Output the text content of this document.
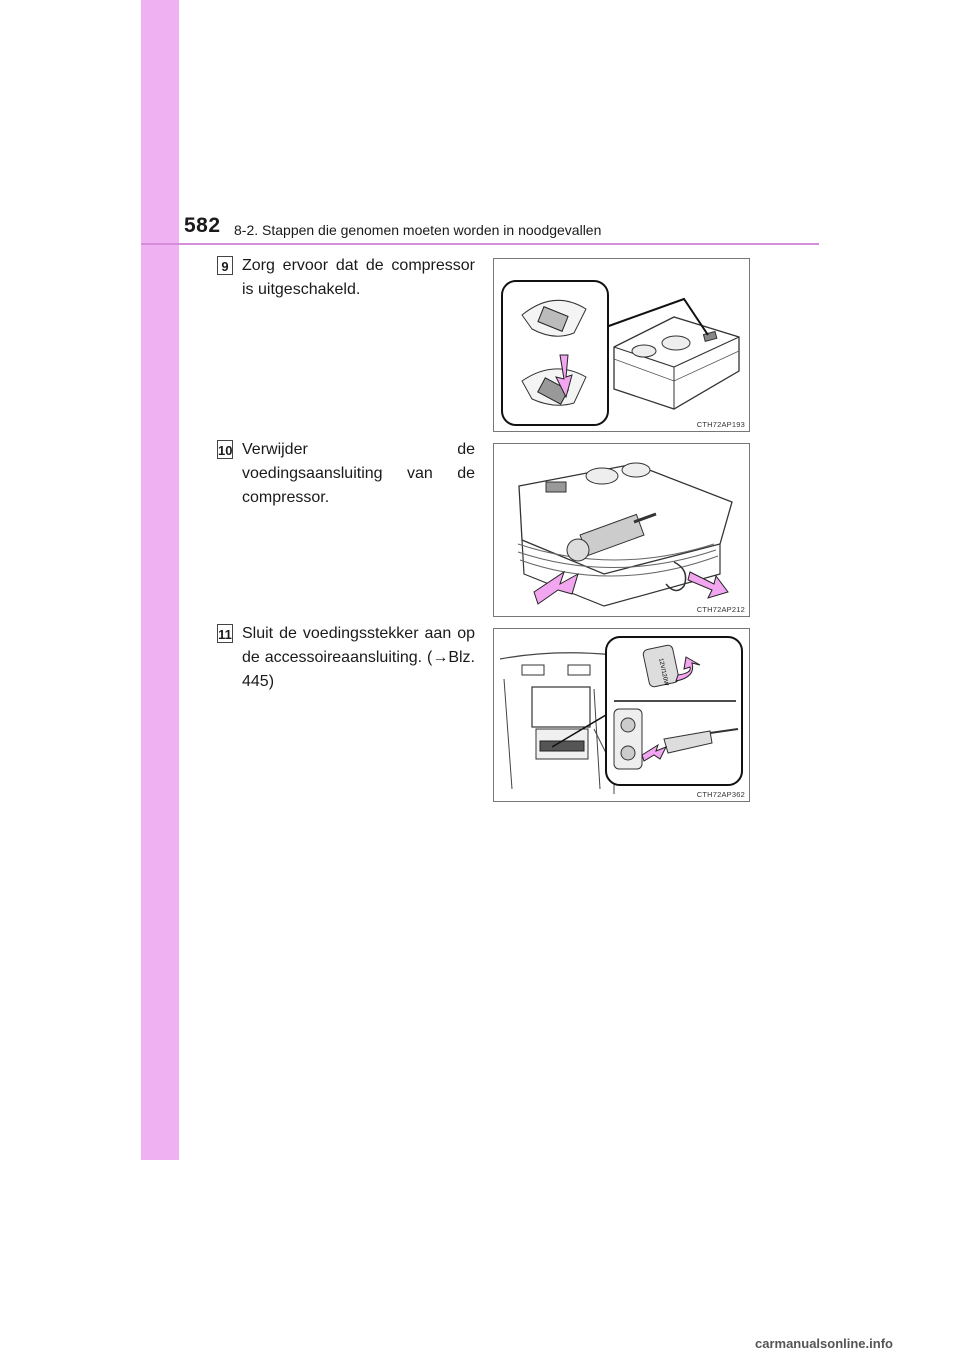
582 8-2. Stappen die genomen moeten worden in noodgevallen
9 Zorg ervoor dat de compressor is uitgeschakeld.
CTH72AP193
10 Verwijder de voedingsaansluiting van de compressor.
CTH72AP212
11 Sluit de voedingsstekker aan op de accessoireaansluiting. (→Blz. 445)	12V/120W
CTH72AP362
carmanualsonline.info
